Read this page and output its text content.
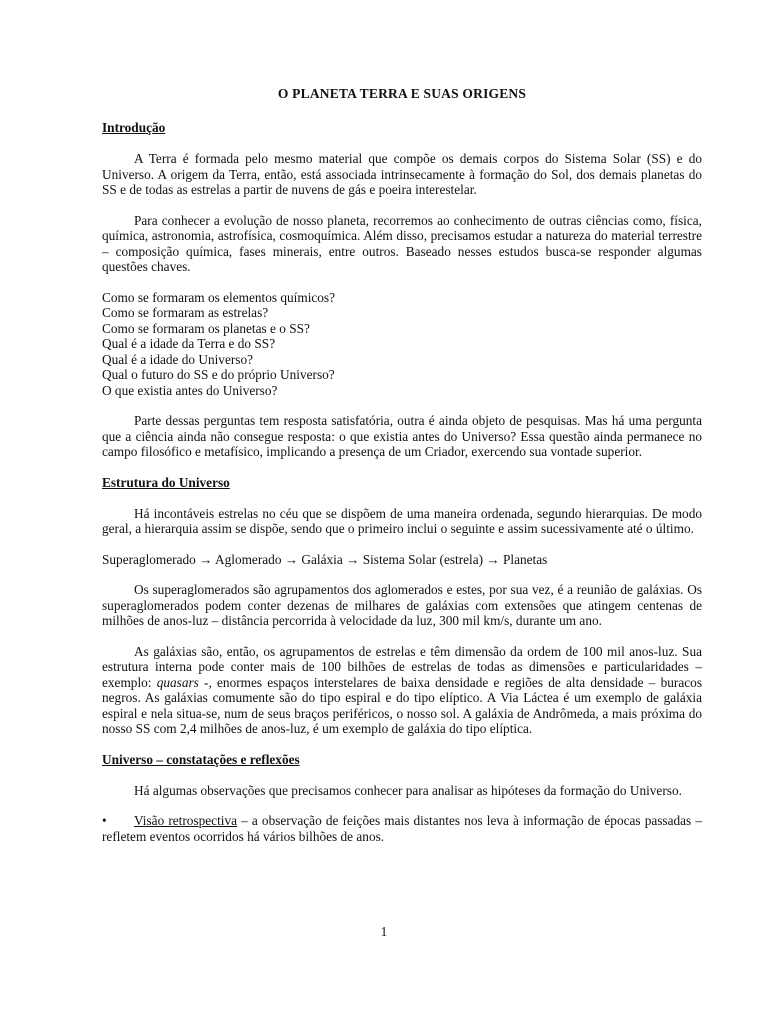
O PLANETA TERRA E SUAS ORIGENS
Introdução
A Terra é formada pelo mesmo material que compõe os demais corpos do Sistema Solar (SS) e do Universo. A origem da Terra, então, está associada intrinsecamente à formação do Sol, dos demais planetas do SS e de todas as estrelas a partir de nuvens de gás e poeira interestelar.
Para conhecer a evolução de nosso planeta, recorremos ao conhecimento de outras ciências como, física, química, astronomia, astrofísica, cosmoquímica. Além disso, precisamos estudar a natureza do material terrestre – composição química, fases minerais, entre outros. Baseado nesses estudos busca-se responder algumas questões chaves.
Como se formaram os elementos químicos?
Como se formaram as estrelas?
Como se formaram os planetas e o SS?
Qual é a idade da Terra e do SS?
Qual é a idade do Universo?
Qual o futuro do SS e do próprio Universo?
O que existia antes do Universo?
Parte dessas perguntas tem resposta satisfatória, outra é ainda objeto de pesquisas. Mas há uma pergunta que a ciência ainda não consegue resposta: o que existia antes do Universo? Essa questão ainda permanece no campo filosófico e metafísico, implicando a presença de um Criador, exercendo sua vontade superior.
Estrutura do Universo
Há incontáveis estrelas no céu que se dispõem de uma maneira ordenada, segundo hierarquias. De modo geral, a hierarquia assim se dispõe, sendo que o primeiro inclui o seguinte e assim sucessivamente até o último.
Superaglomerado → Aglomerado → Galáxia → Sistema Solar (estrela) → Planetas
Os superaglomerados são agrupamentos dos aglomerados e estes, por sua vez, é a reunião de galáxias. Os superaglomerados podem conter dezenas de milhares de galáxias com extensões que atingem centenas de milhões de anos-luz – distância percorrida à velocidade da luz, 300 mil km/s, durante um ano.
As galáxias são, então, os agrupamentos de estrelas e têm dimensão da ordem de 100 mil anos-luz. Sua estrutura interna pode conter mais de 100 bilhões de estrelas de todas as dimensões e particularidades – exemplo: quasars -, enormes espaços interstelares de baixa densidade e regiões de alta densidade – buracos negros. As galáxias comumente são do tipo espiral e do tipo elíptico. A Via Láctea é um exemplo de galáxia espiral e nela situa-se, num de seus braços periféricos, o nosso sol. A galáxia de Andrômeda, a mais próxima do nosso SS com 2,4 milhões de anos-luz, é um exemplo de galáxia do tipo elíptica.
Universo – constatações e reflexões
Há algumas observações que precisamos conhecer para analisar as hipóteses da formação do Universo.
•	Visão retrospectiva – a observação de feições mais distantes nos leva à informação de épocas passadas – refletem eventos ocorridos há vários bilhões de anos.
1
